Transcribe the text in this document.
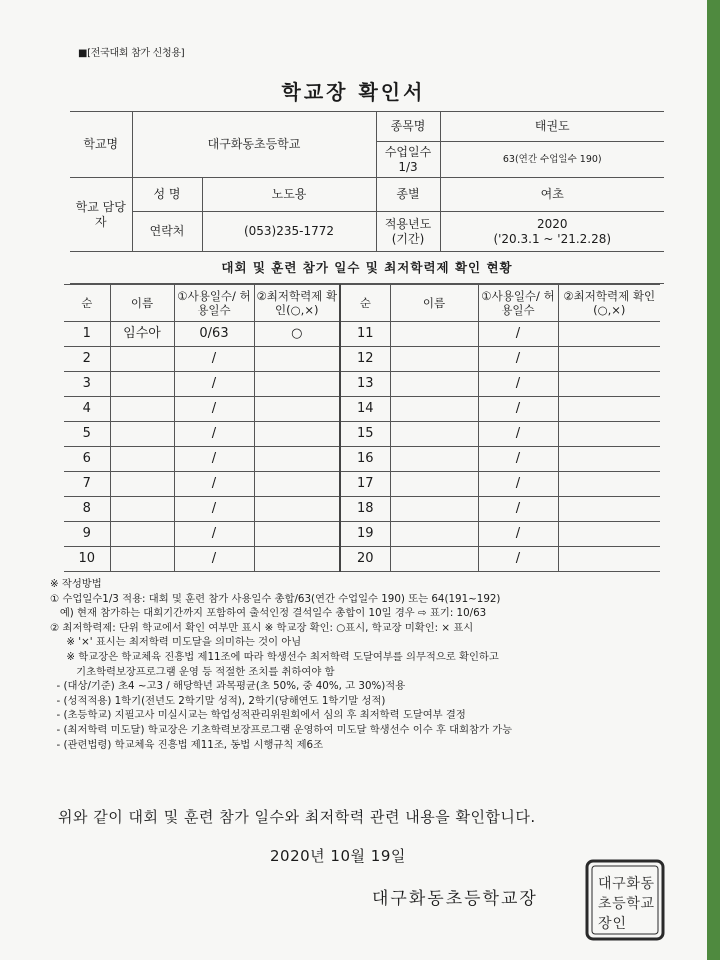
■[전국대회 참가 신청용]
학교장 확인서
학교명	대구화동초등학교		종목명	태권도
			수업일수 1/3	63(연간 수업일수 190)
학교 담당자	성 명	노도용	종별	여초
	연락처	(053)235-1772	적용년도 (기간)	2020
('20.3.1 ~ '21.2.28)
대회 및 훈련 참가 일수 및 최저학력제 확인 현황
순	이름	①사용일수/ 허용일수	②최저학력제 확인(○,×)	순	이름	①사용일수/ 허용일수	②최저학력제 확인(○,×)
1	임수아	0/63	○	11		/	
2		/		12		/	
3		/		13		/	
4		/		14		/	
5		/		15		/	
6		/		16		/	
7		/		17		/	
8		/		18		/	
9		/		19		/	
10		/		20		/	
※ 작성방법
① 수업일수1/3 적용: 대회 및 훈련 참가 사용일수 총합/63(연간 수업일수 190) 또는 64(191~192)
예) 현재 참가하는 대회기간까지 포함하여 출석인정 결석일수 총합이 10일 경우 ⇨ 표기: 10/63
② 최저학력제: 단위 학교에서 확인 여부만 표시 ※ 학교장 확인: ○표시, 학교장 미확인: × 표시
※ '×' 표시는 최저학력 미도달을 의미하는 것이 아님
※ 학교장은 학교체육 진흥법 제11조에 따라 학생선수 최저학력 도달여부를 의무적으로 확인하고
기초학력보장프로그램 운영 등 적절한 조치를 취하여야 함
- (대상/기준) 초4 ~고3 / 해당학년 과목평균(초 50%, 중 40%, 고 30%)적용
- (성적적용) 1학기(전년도 2학기말 성적), 2학기(당해연도 1학기말 성적)
- (초등학교) 지필고사 미실시교는 학업성적관리위원회에서 심의 후 최저학력 도달여부 결정
- (최저학력 미도달) 학교장은 기초학력보장프로그램 운영하여 미도달 학생선수 이수 후 대회참가 가능
- (관련법령) 학교체육 진흥법 제11조, 동법 시행규칙 제6조
위와 같이 대회 및 훈련 참가 일수와 최저학력 관련 내용을 확인합니다.
2020년 10월 19일
대구화동초등학교장
대구화동
초등학교
장인
